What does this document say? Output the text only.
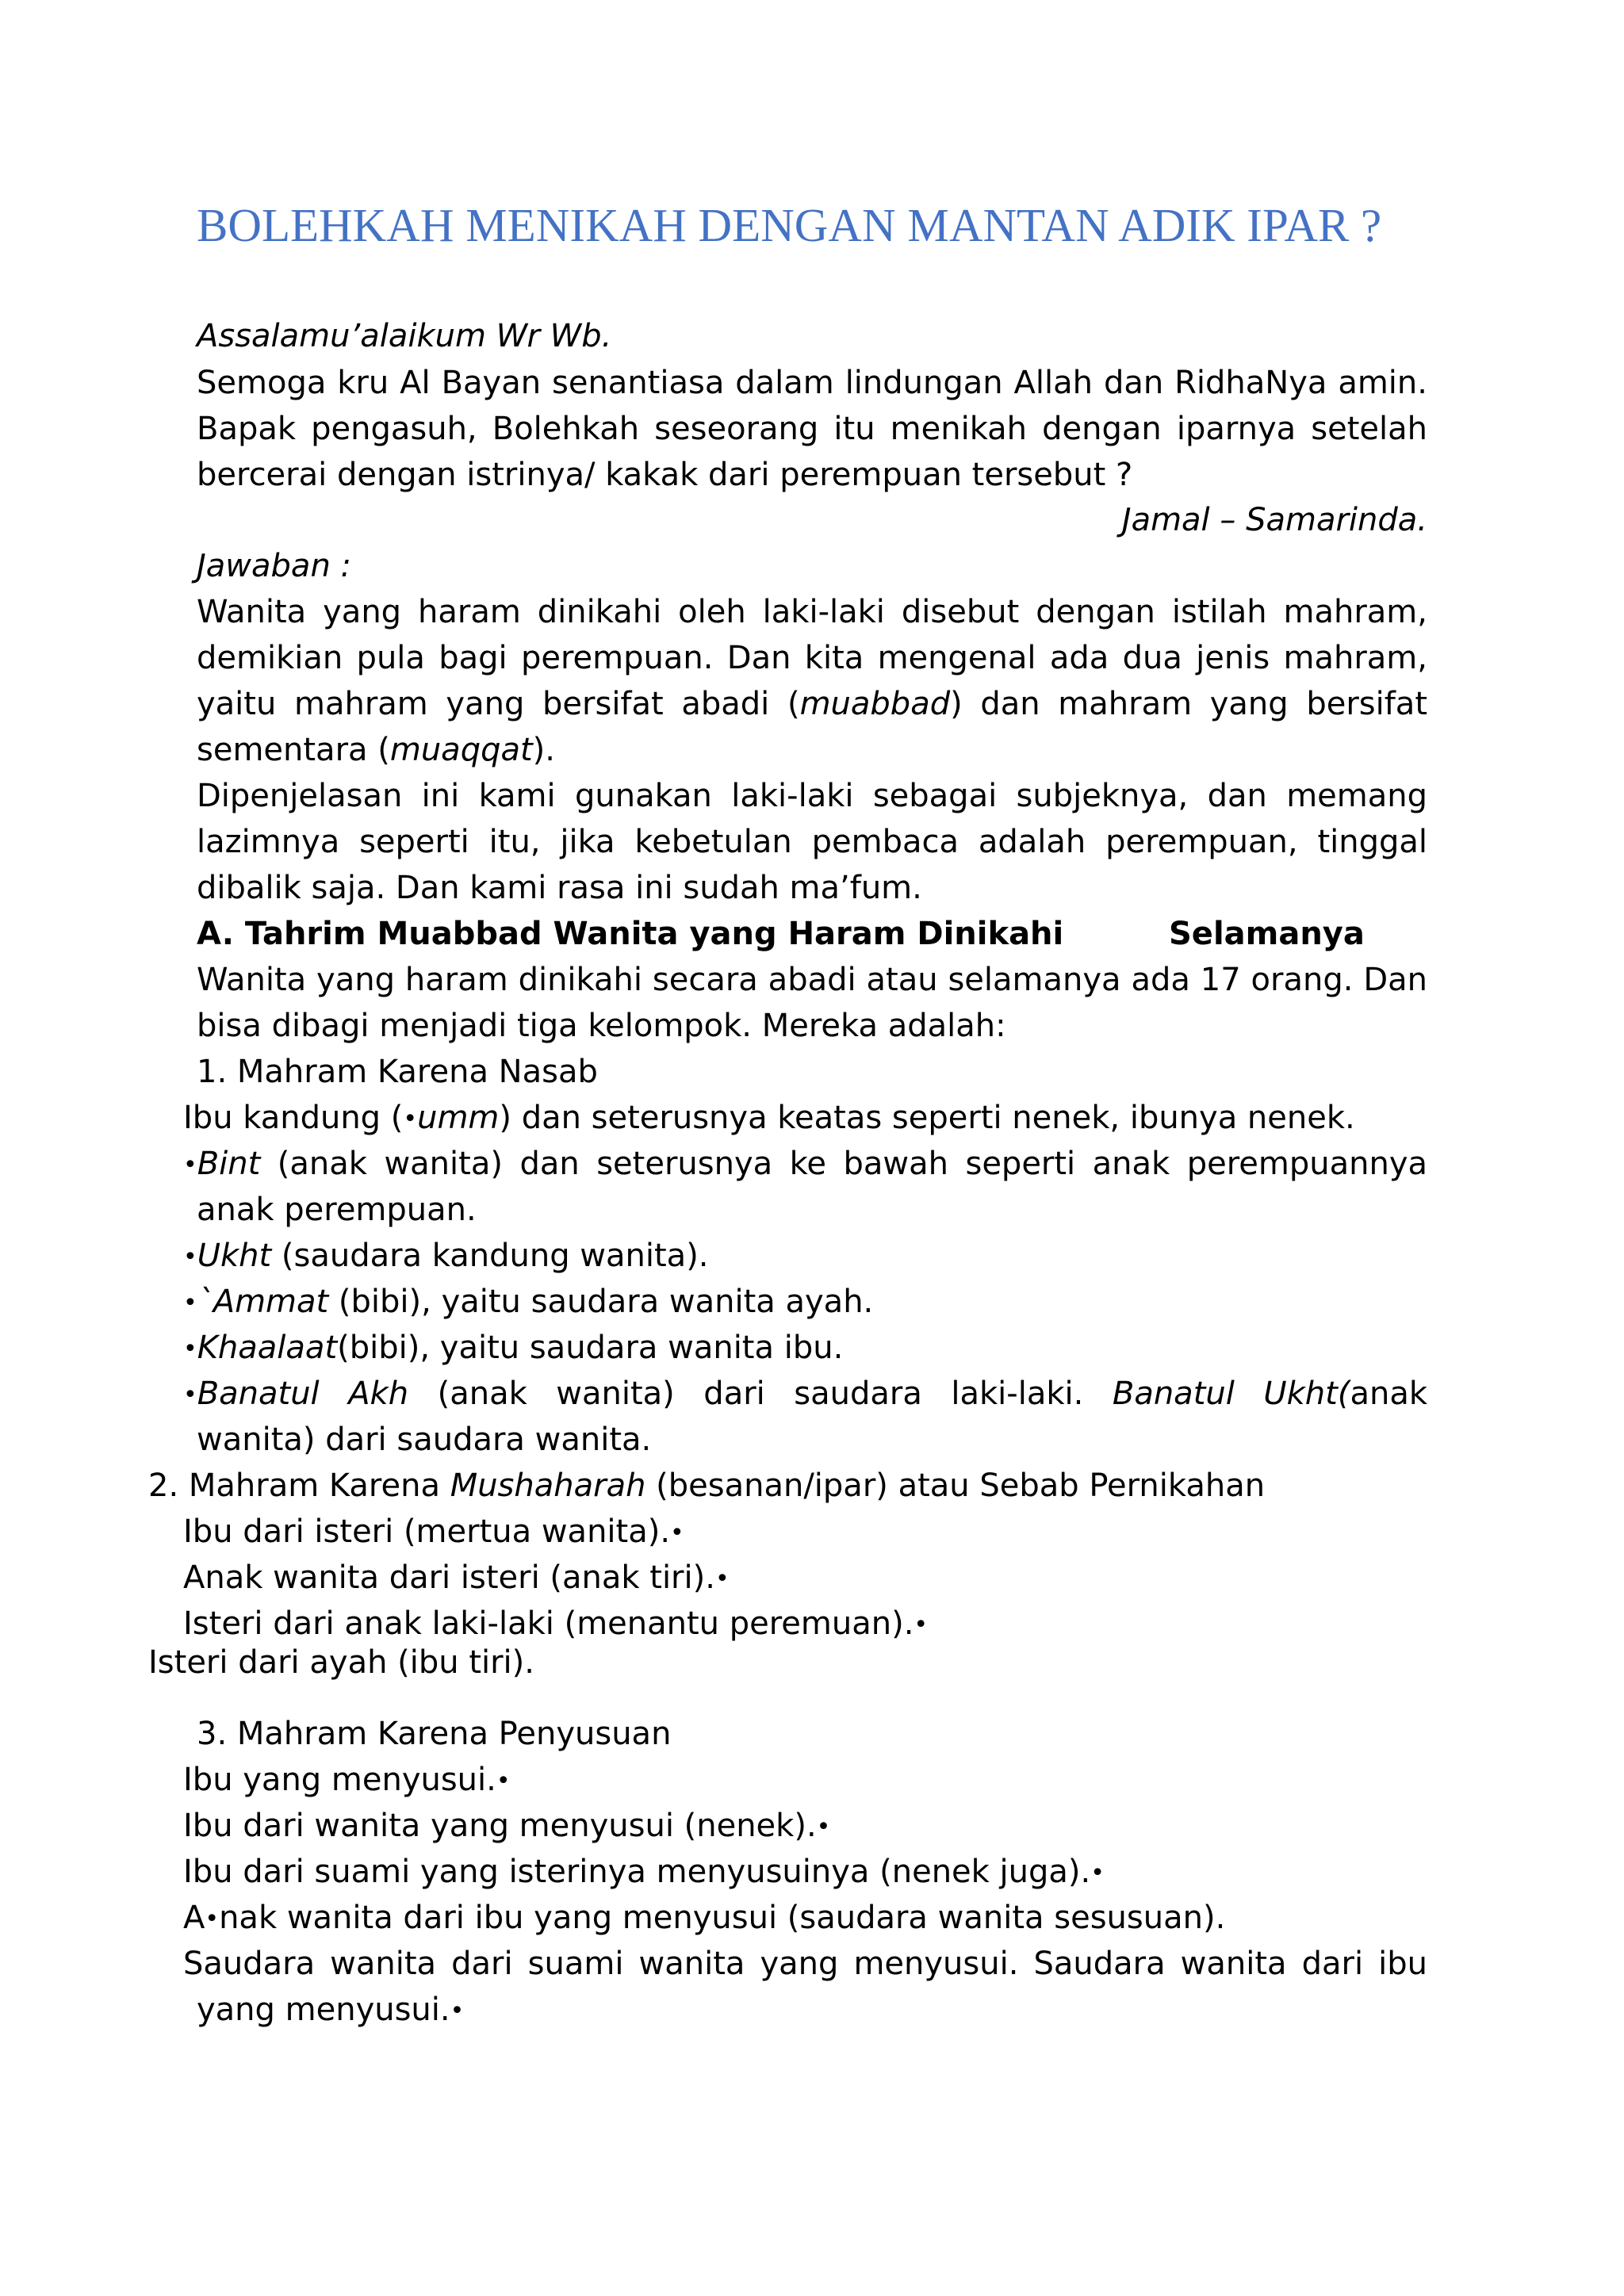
BOLEHKAH MENIKAH DENGAN MANTAN ADIK IPAR ?
Assalamu’alaikum Wr Wb.
Semoga kru Al Bayan senantiasa dalam lindungan Allah dan RidhaNya amin. Bapak pengasuh, Bolehkah seseorang itu menikah dengan iparnya setelah bercerai dengan istrinya/ kakak dari perempuan tersebut ?
Jamal – Samarinda.
Jawaban :
Wanita yang haram dinikahi oleh laki-laki disebut dengan istilah mahram, demikian pula bagi perempuan. Dan kita mengenal ada dua jenis mahram, yaitu mahram yang bersifat abadi (muabbad) dan mahram yang bersifat sementara (muaqqat).
Dipenjelasan ini kami gunakan laki-laki sebagai subjeknya, dan memang lazimnya seperti itu, jika kebetulan pembaca adalah perempuan, tinggal dibalik saja. Dan kami rasa ini sudah ma’fum.
A. Tahrim Muabbad Wanita yang Haram Dinikahi	Selamanya
Wanita yang haram dinikahi secara abadi atau selamanya ada 17 orang. Dan bisa dibagi menjadi tiga kelompok. Mereka adalah:
1. Mahram Karena Nasab
Ibu kandung (•umm) dan seterusnya keatas seperti nenek, ibunya nenek.
•Bint (anak wanita) dan seterusnya ke bawah seperti anak perempuannya
anak perempuan.
•Ukht (saudara kandung wanita).
•`Ammat (bibi), yaitu saudara wanita ayah.
•Khaalaat(bibi), yaitu saudara wanita ibu.
•Banatul Akh (anak wanita) dari saudara laki-laki. Banatul Ukht(anak
wanita) dari saudara wanita.
2. Mahram Karena Mushaharah (besanan/ipar) atau Sebab Pernikahan
Ibu dari isteri (mertua wanita).•
Anak wanita dari isteri (anak tiri).•
Isteri dari anak laki-laki (menantu peremuan).•
Isteri dari ayah (ibu tiri).
3. Mahram Karena Penyusuan
Ibu yang menyusui.•
Ibu dari wanita yang menyusui (nenek).•
Ibu dari suami yang isterinya menyusuinya (nenek juga).•
A•nak wanita dari ibu yang menyusui (saudara wanita sesusuan).
Saudara wanita dari suami wanita yang menyusui. Saudara wanita dari ibu
yang menyusui.•
